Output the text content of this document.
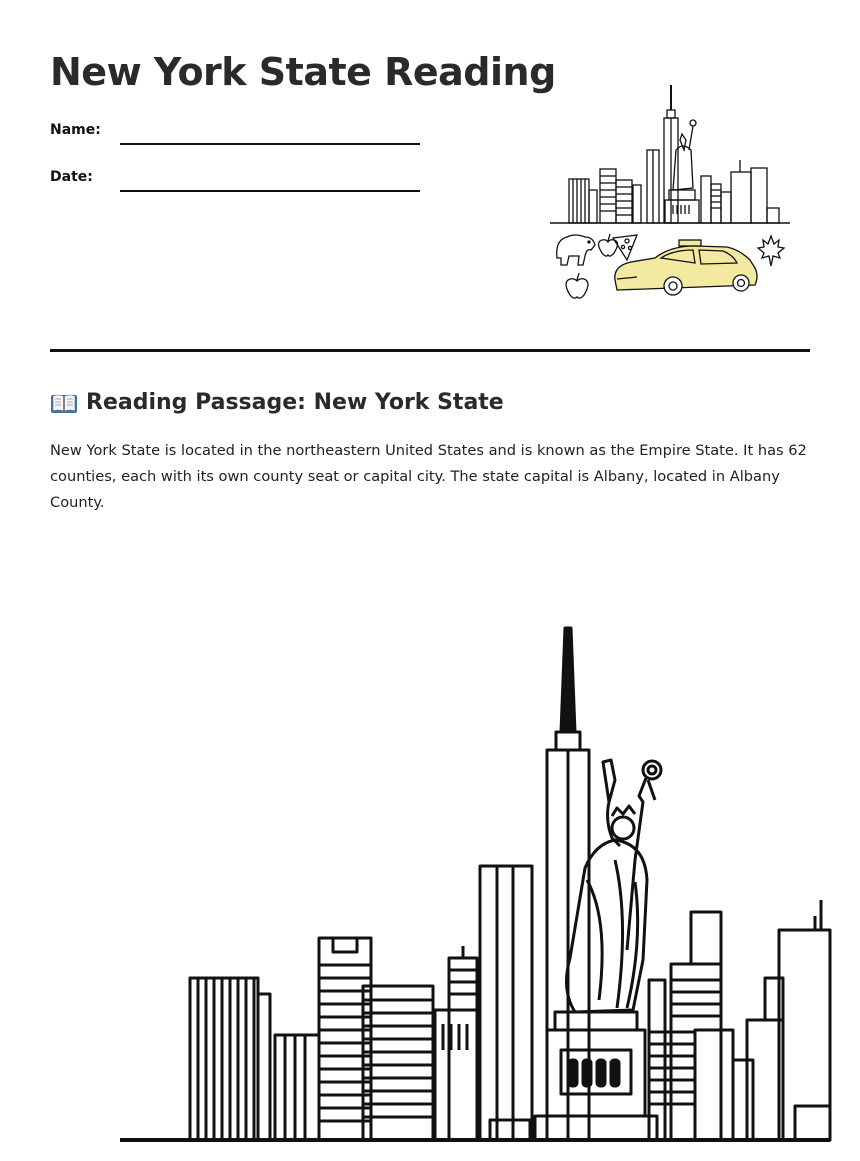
New York State Reading
Name:
Date:
Reading Passage: New York State

New York State is located in the northeastern United States and is known as the Empire State. It has 62 counties, each with its own county seat or capital city. The state capital is Albany, located in Albany County.
